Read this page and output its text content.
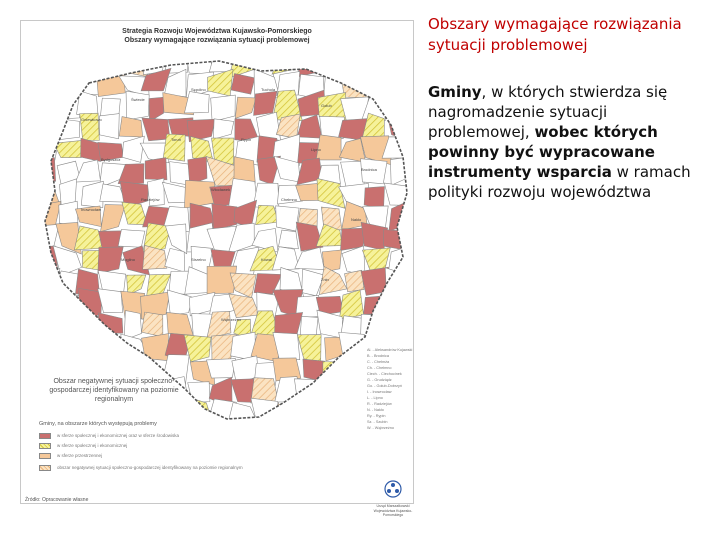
Gniewkowo
Świecie
Sępólno	Tuchola
Golub
Bydgoszcz
Toruń	Rypin
Lipno
Brodnica
Inowrocław
Radziejów
Włocławek
Chełmno
Nakło
Mogilno	Strzelno	Kowal
Żnin
Wąbrzeźno
Strategia Rozwoju Województwa Kujawsko-Pomorskiego
Obszary wymagające rozwiązania sytuacji problemowej
Obszar negatywnej sytuacji społeczno-gospodarczej identyfikowany na poziomie regionalnym
Gminy, na obszarze których występują problemy
w sferze społecznej i ekonomicznej oraz w sferze środowiska
w sferze społecznej i ekonomicznej
w sferze przestrzennej
obszar negatywnej sytuacji społeczno-gospodarczej identyfikowany na poziomie regionalnym
Al. - Aleksandrów Kujawski
B. - Brodnica
C. - Chełmża
Ch. - Chełmno
Ciech. - Ciechocinek
G. - Grudziądz
Go. - Golub-Dobrzyń
I. - Inowrocław
L. - Lipno
R. - Radziejów
N. - Nakło
Ry. - Rypin
Sz. - Szubin
W. - Wąbrzeźno
Urząd Marszałkowski Województwa Kujawsko-Pomorskiego
Źródło: Opracowanie własne
Obszary wymagające rozwiązania sytuacji problemowej
Gminy, w których stwierdza się nagromadzenie sytuacji problemowej, wobec których powinny być wypracowane instrumenty wsparcia w ramach polityki rozwoju województwa
